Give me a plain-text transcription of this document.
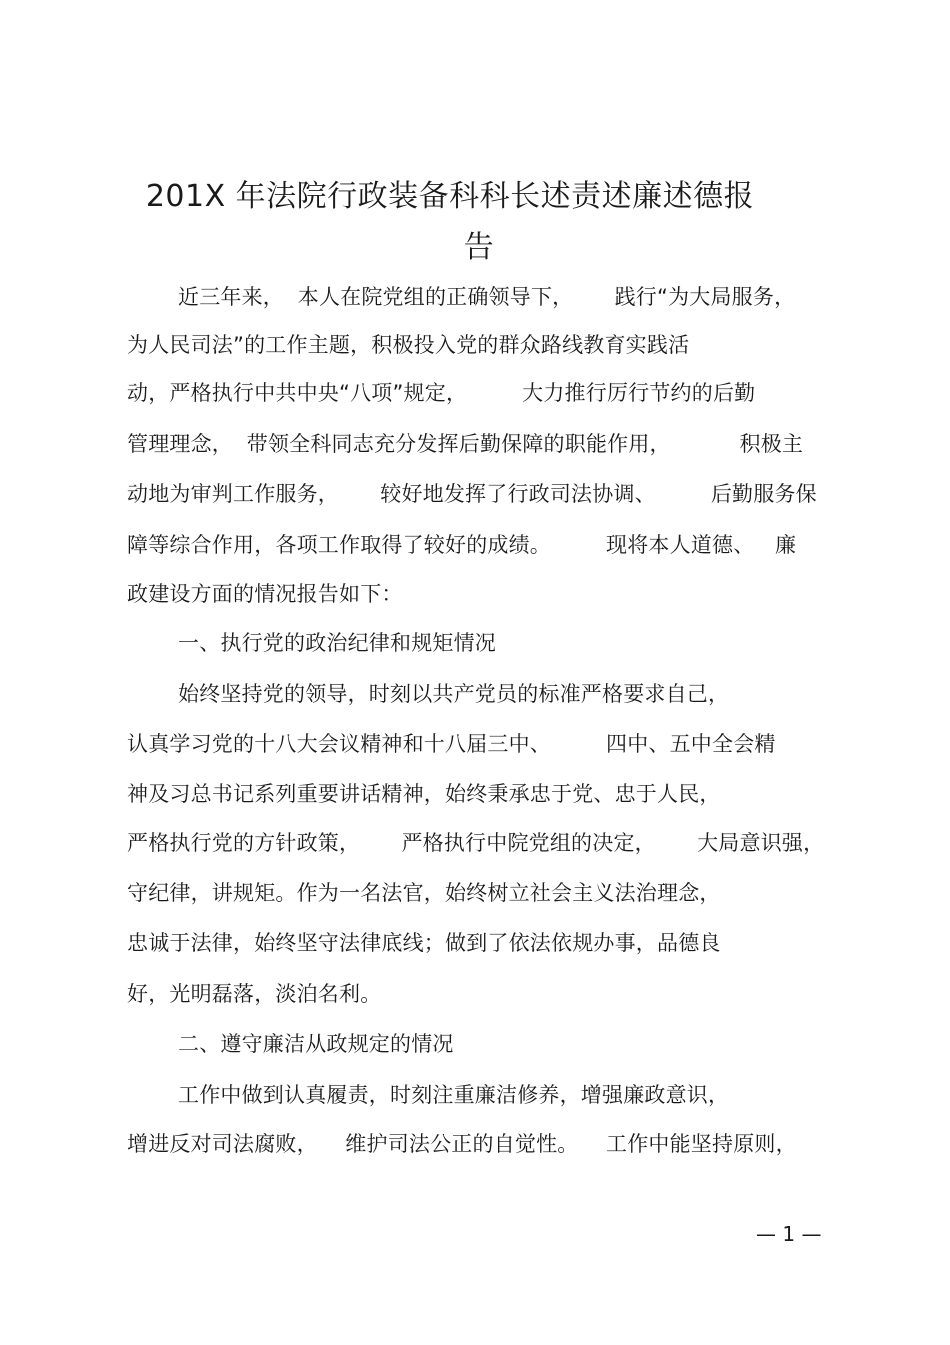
201X 年法院行政装备科科长述责述廉述德报
告
近三年来，  本人在院党组的正确领导下，      践行“为大局服务，
为人民司法”的工作主题，积极投入党的群众路线教育实践活
动，严格执行中共中央“八项”规定，        大力推行厉行节约的后勤
管理理念，  带领全科同志充分发挥后勤保障的职能作用，          积极主
动地为审判工作服务，      较好地发挥了行政司法协调、        后勤服务保
障等综合作用，各项工作取得了较好的成绩。        现将本人道德、   廉
政建设方面的情况报告如下：
一、执行党的政治纪律和规矩情况
始终坚持党的领导，时刻以共产党员的标准严格要求自己，
认真学习党的十八大会议精神和十八届三中、        四中、五中全会精
神及习总书记系列重要讲话精神，始终秉承忠于党、忠于人民，
严格执行党的方针政策，      严格执行中院党组的决定，      大局意识强，
守纪律，讲规矩。作为一名法官，始终树立社会主义法治理念，
忠诚于法律，始终坚守法律底线；做到了依法依规办事，品德良
好，光明磊落，淡泊名利。
二、遵守廉洁从政规定的情况
工作中做到认真履责，时刻注重廉洁修养，增强廉政意识，
增进反对司法腐败，    维护司法公正的自觉性。    工作中能坚持原则，
— 1 —
